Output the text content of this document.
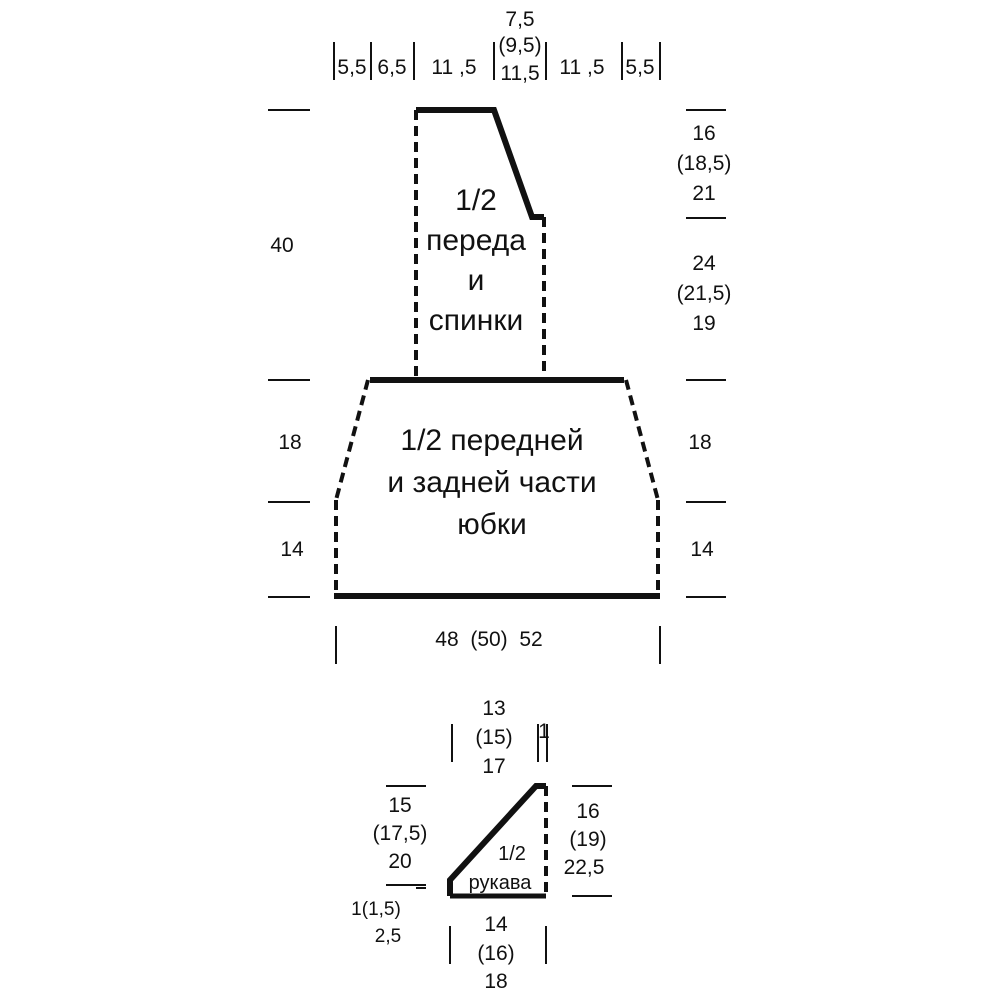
5,5 6,5 11 ,5
7,5
(9,5)
11,5 11 ,5 5,5
1/2
переда
и
спинки
40
16
(18,5)
21
24
(21,5)
19
1/2 передней
и задней части
юбки
18
14
18
14
48  (50)  52
1/2
рукава
13
(15)
17
1
15
(17,5)
20
1(1,5)
2,5
16
(19)
22,5
14
(16)
18
